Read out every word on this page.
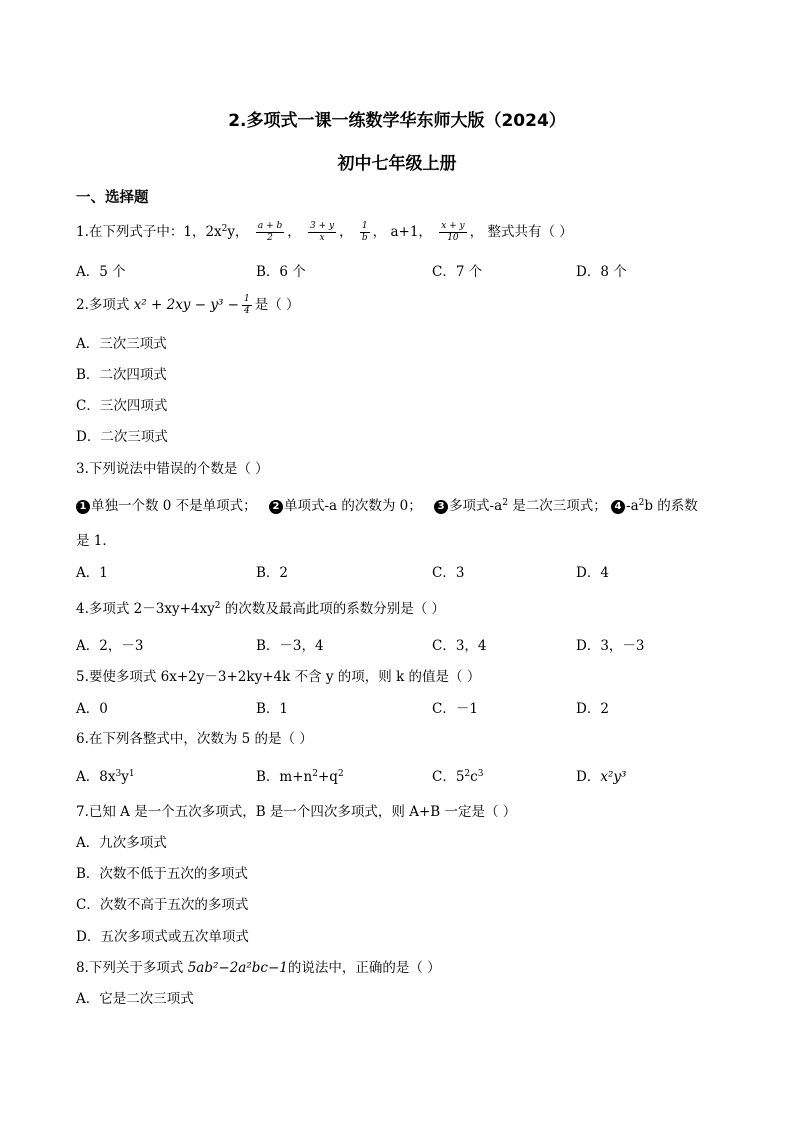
2.多项式一课一练数学华东师大版（2024）
初中七年级上册
一、选择题
1.在下列式子中：1，$2x^2y$， $\frac{a + b}{2}$ ， $\frac{3 + y}{x}$ ， $\frac{1}{b}$ ， a+1， $\frac{x + y}{10}$ ， 整式共有（ ）
A．5 个	B．6 个	C．7 个	D．8 个
2.多项式 $x^2 + 2xy - y^3 - \frac{1}{4}$ 是（ ）
A．三次三项式
B．二次四项式
C．三次四项式
D．二次三项式
3.下列说法中错误的个数是（ ）
1 单独一个数 0 不是单项式； 2 单项式-a 的次数为 0； 3 多项式$-a^2$ 是二次三项式； 4 $-a^2b$ 的系数
是 1．
A．1	B．2	C．3	D．4
4.多项式 $2-3xy+4xy^2$ 的次数及最高此项的系数分别是（ ）
A．2，－3	B．－3，4	C．3，4	D．3，－3
5.要使多项式 6x+2y－3+2ky+4k 不含 y 的项，则 k 的值是（ ）
A．0	B．1	C．－1	D．2
6.在下列各整式中，次数为 5 的是（ ）
A．$8x^3y^1$	B．$m+n^2+q^2$	C．$5^2c^3$	D．x²y³
7.已知 A 是一个五次多项式，B 是一个四次多项式，则 A+B 一定是（ ）
A．九次多项式
B．次数不低于五次的多项式
C．次数不高于五次的多项式
D．五次多项式或五次单项式
8.下列关于多项式 5ab²−2a²bc−1的说法中，正确的是（ ）
A．它是二次三项式
